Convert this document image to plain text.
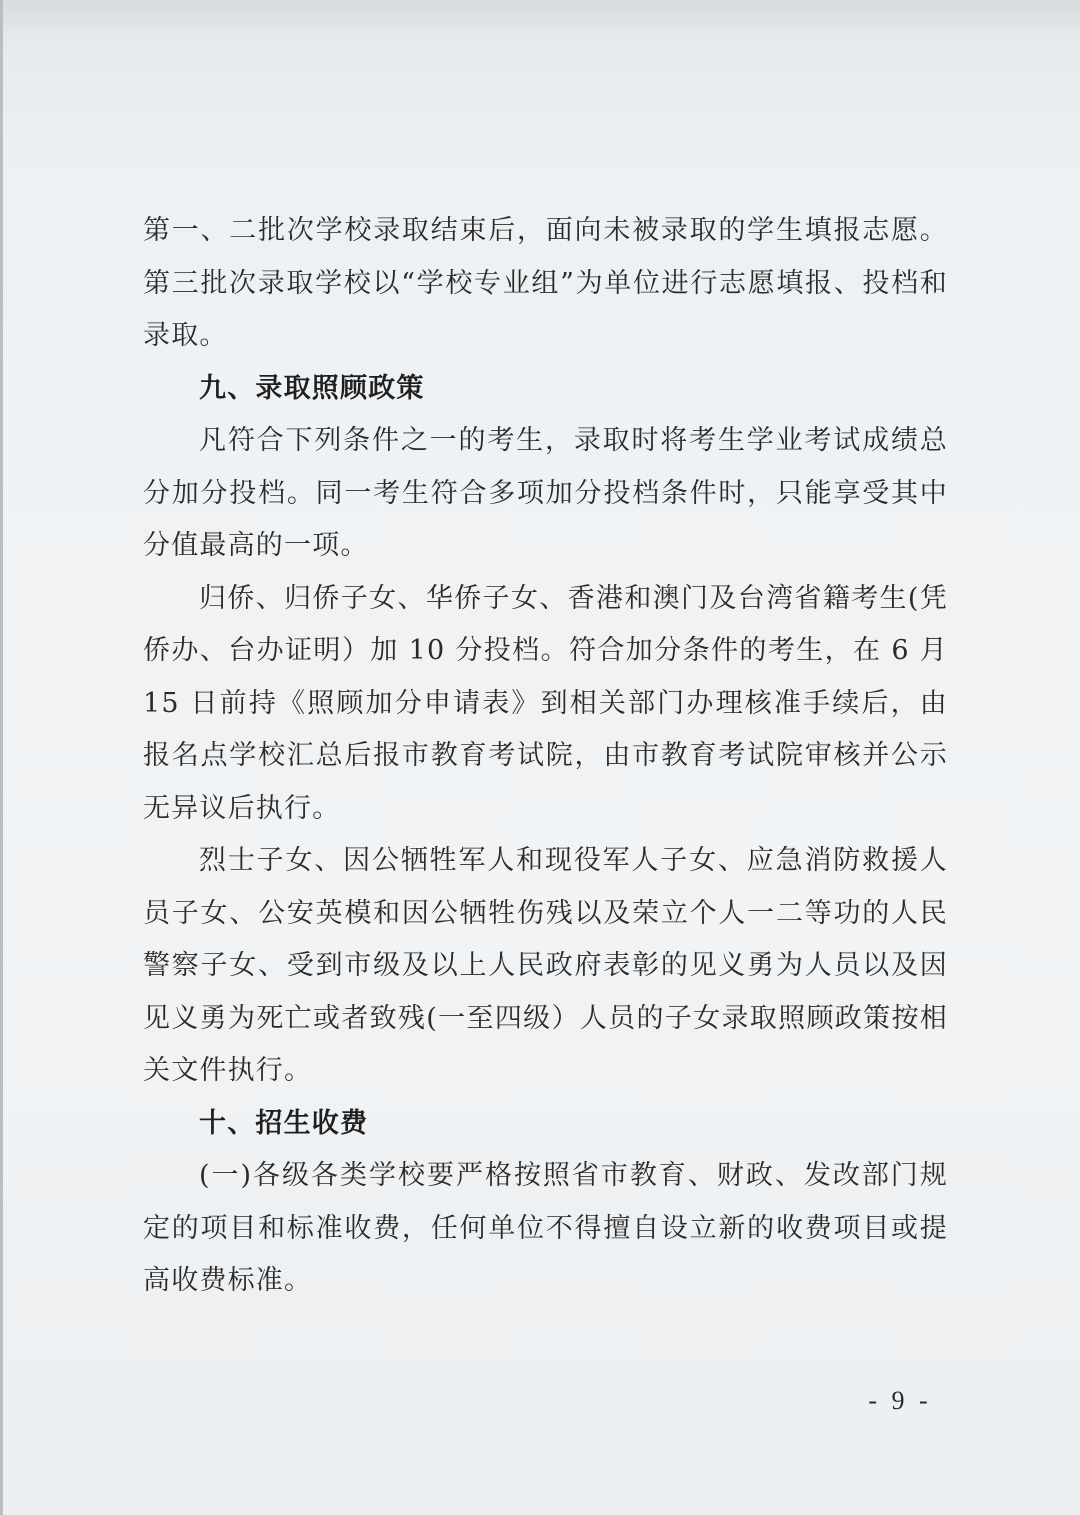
第一、二批次学校录取结束后，面向未被录取的学生填报志愿。第三批次录取学校以“学校专业组”为单位进行志愿填报、投档和录取。

九、录取照顾政策

凡符合下列条件之一的考生，录取时将考生学业考试成绩总分加分投档。同一考生符合多项加分投档条件时，只能享受其中分值最高的一项。

归侨、归侨子女、华侨子女、香港和澳门及台湾省籍考生(凭侨办、台办证明）加 10 分投档。符合加分条件的考生，在 6 月 15 日前持《照顾加分申请表》到相关部门办理核准手续后，由报名点学校汇总后报市教育考试院，由市教育考试院审核并公示无异议后执行。

烈士子女、因公牺牲军人和现役军人子女、应急消防救援人员子女、公安英模和因公牺牲伤残以及荣立个人一二等功的人民警察子女、受到市级及以上人民政府表彰的见义勇为人员以及因见义勇为死亡或者致残(一至四级）人员的子女录取照顾政策按相关文件执行。

十、招生收费

(一)各级各类学校要严格按照省市教育、财政、发改部门规定的项目和标准收费，任何单位不得擅自设立新的收费项目或提高收费标准。

- 9 -
